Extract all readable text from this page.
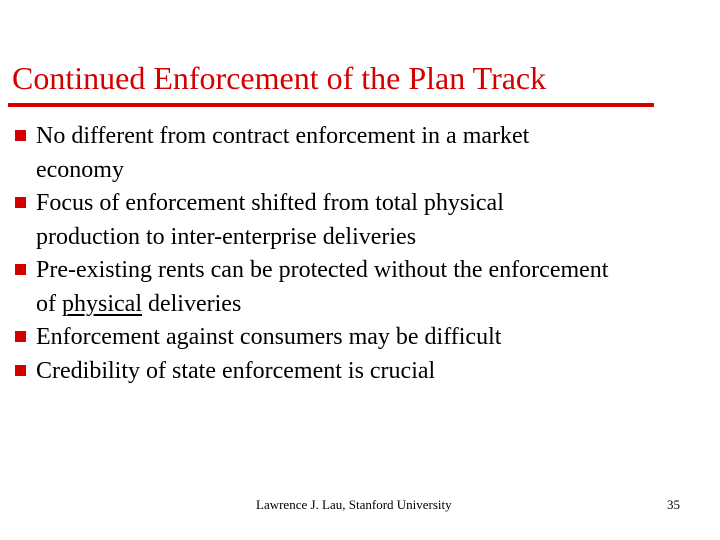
Continued Enforcement of the Plan Track
No different from contract enforcement in a market
economy
Focus of enforcement shifted from total physical
production to inter-enterprise deliveries
Pre-existing rents can be protected without the enforcement
of physical deliveries
Enforcement against consumers may be difficult
Credibility of state enforcement is crucial
Lawrence J. Lau, Stanford University	35
